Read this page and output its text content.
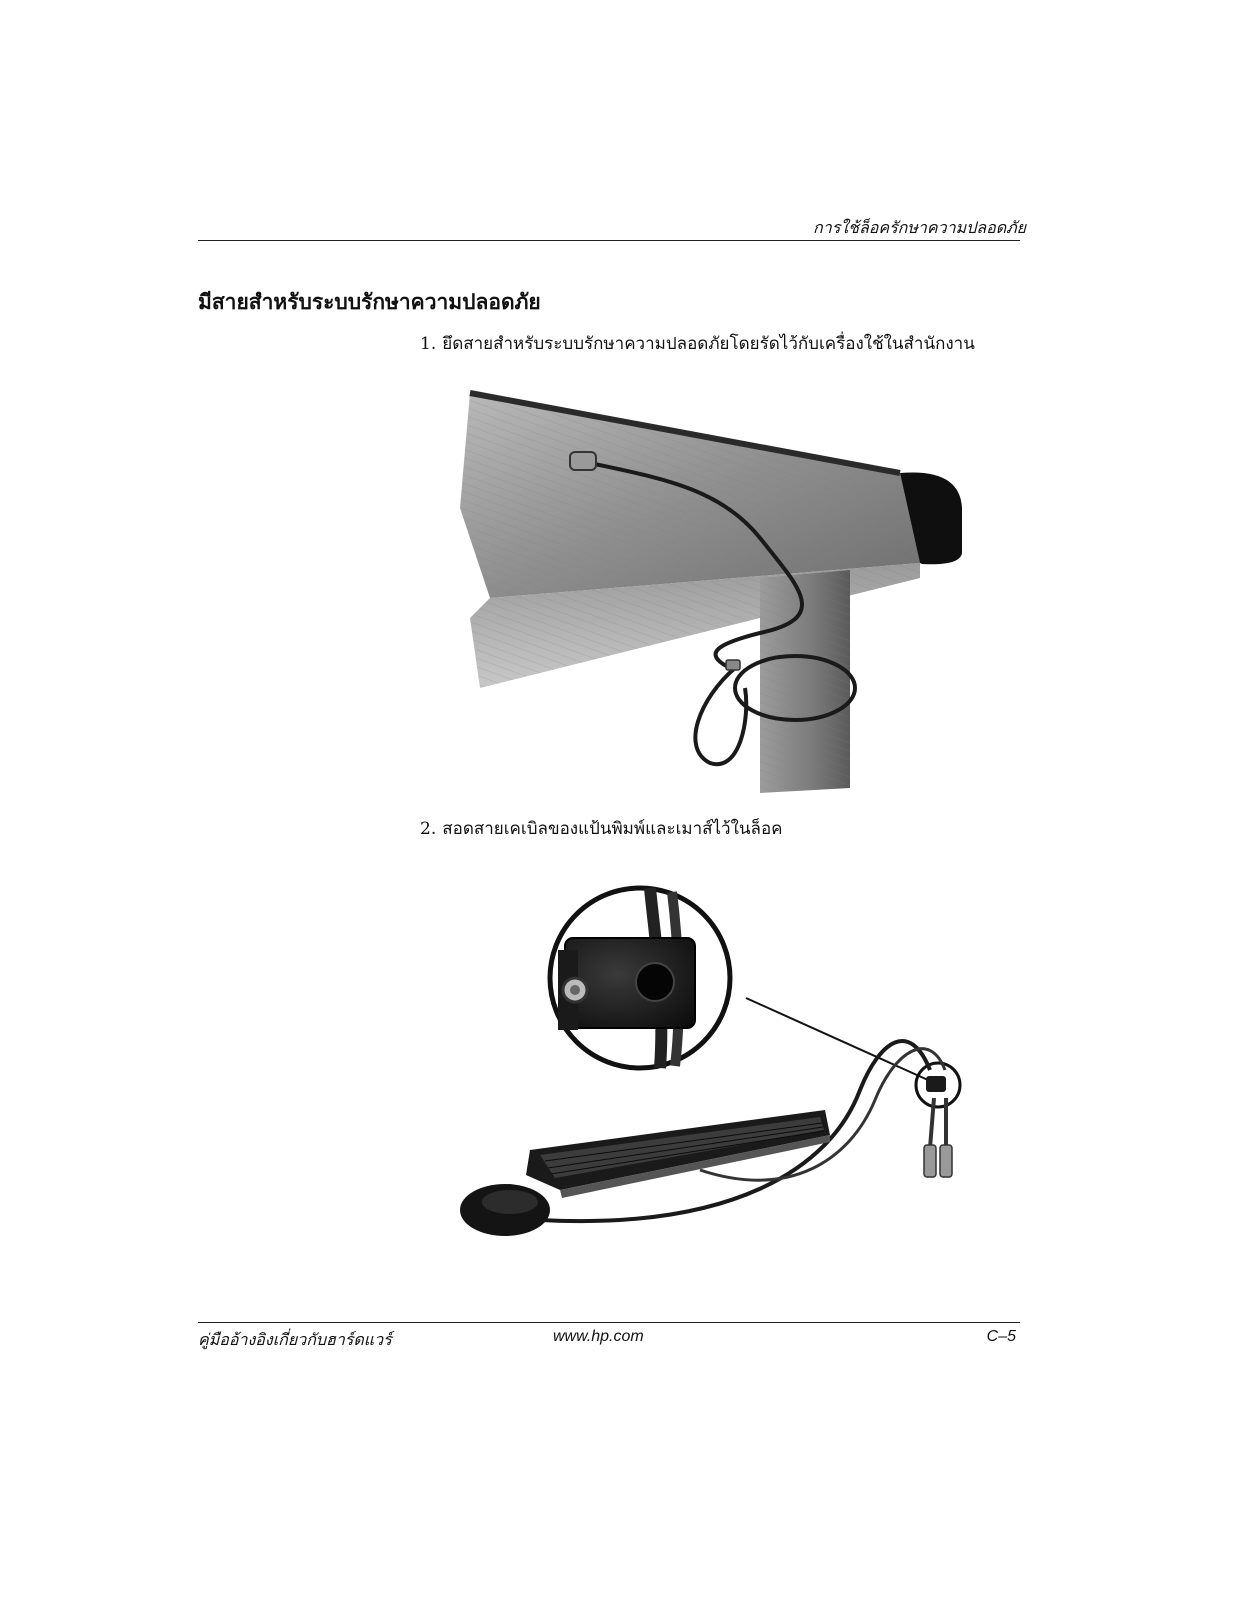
การใช้ล็อครักษาความปลอดภัย
มีสายสำหรับระบบรักษาความปลอดภัย
1. ยึดสายสำหรับระบบรักษาความปลอดภัยโดยรัดไว้กับเครื่องใช้ในสำนักงาน
2. สอดสายเคเบิลของแป้นพิมพ์และเมาส์ไว้ในล็อค
คู่มืออ้างอิงเกี่ยวกับฮาร์ดแวร์	www.hp.com	C–5
